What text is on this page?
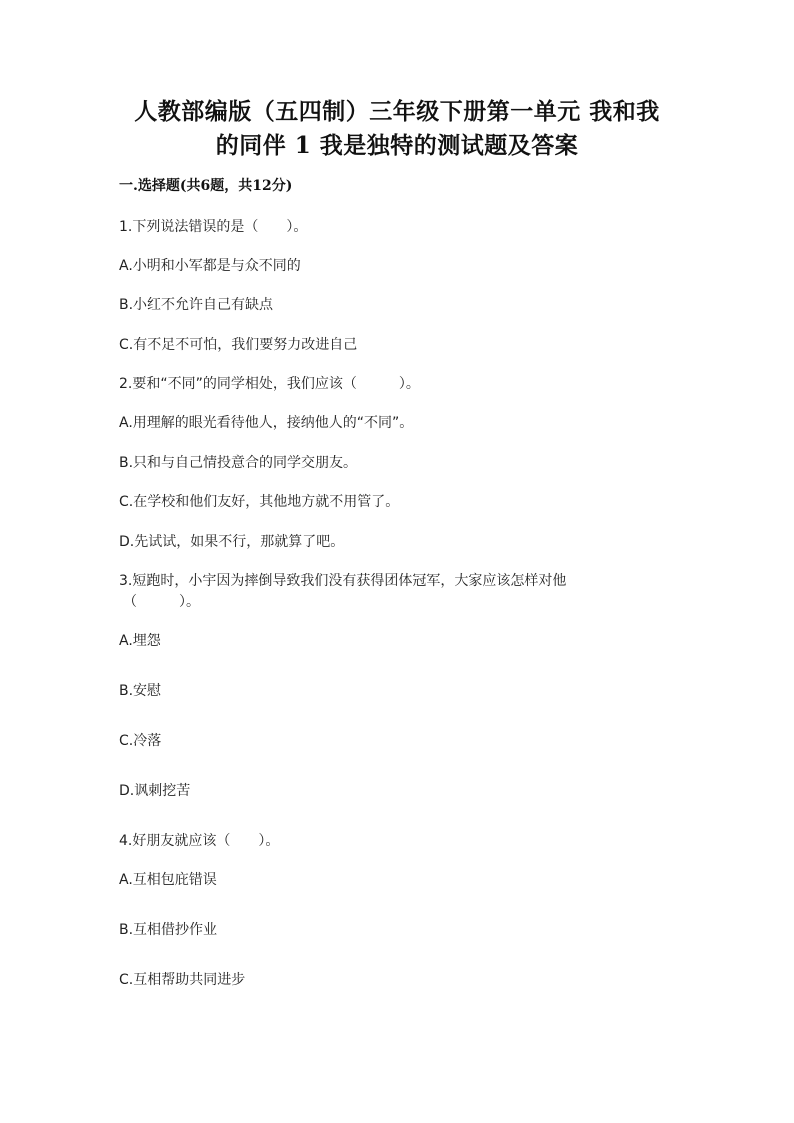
人教部编版（五四制）三年级下册第一单元 我和我
的同伴 1 我是独特的测试题及答案
一.选择题(共6题，共12分)
1.下列说法错误的是（　　）。
A.小明和小军都是与众不同的
B.小红不允许自己有缺点
C.有不足不可怕，我们要努力改进自己
2.要和“不同”的同学相处，我们应该（　　　）。
A.用理解的眼光看待他人，接纳他人的“不同”。
B.只和与自己情投意合的同学交朋友。
C.在学校和他们友好，其他地方就不用管了。
D.先试试，如果不行，那就算了吧。
3.短跑时，小宇因为摔倒导致我们没有获得团体冠军，大家应该怎样对他
（　　　）。
A.埋怨
B.安慰
C.冷落
D.讽刺挖苦
4.好朋友就应该（　　）。
A.互相包庇错误
B.互相借抄作业
C.互相帮助共同进步
